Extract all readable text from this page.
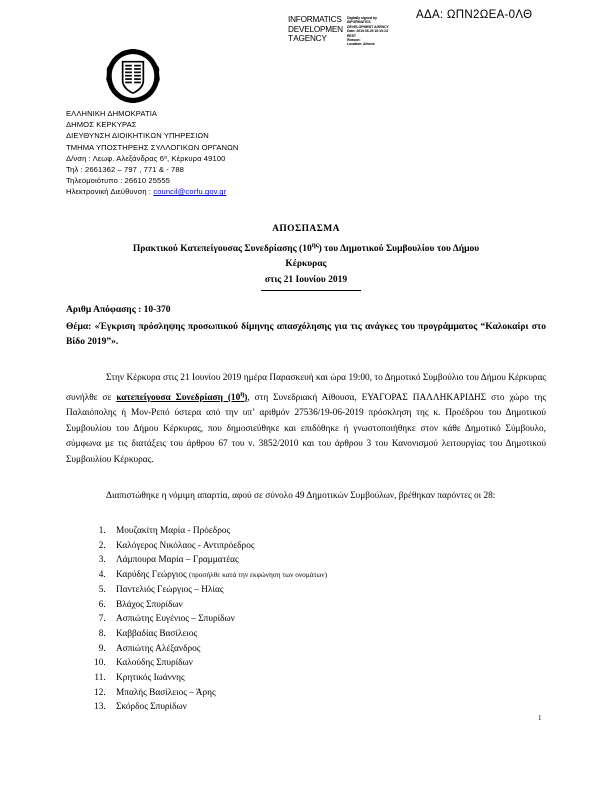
ΑΔΑ: ΩΠΝ2ΩΕΑ-0ΛΘ
INFORMATICS
DEVELOPMEN
T AGENCY
Digitally signed by
INFORMATICS
DEVELOPMENT AGENCY
Date: 2019.06.25 10:10:13
EEST
Reason:
Location: Athens
ΕΛΛΗΝΙΚΗ ΔΗΜΟΚΡΑΤΙΑ
ΔΗΜΟΣ ΚΕΡΚΥΡΑΣ
ΔΙΕΥΘΥΝΣΗ ΔΙΟΙΚΗΤΙΚΩΝ ΥΠΗΡΕΣΙΩΝ
ΤΜΗΜΑ ΥΠΟΣΤΗΡΕΗΣ ΣΥΛΛΟΓΙΚΩΝ ΟΡΓΑΝΩΝ
Δ/νση : Λεωφ. Αλεξάνδρας 6ᵒ, Κέρκυρα 49100
Τηλ : 2661362 – 797 , 771 & - 788
Τηλεομοιότυπο : 26610 25555
Ηλεκτρονική Διεύθυνση : council@corfu.gov.gr
ΑΠΟΣΠΑΣΜΑ
Πρακτικού Κατεπείγουσας Συνεδρίασης $(10^{\eta\varsigma})$ του Δημοτικού Συμβουλίου του Δήμου
Κέρκυρας
στις 21 Ιουνίου 2019
Αριθμ Απόφασης : 10-370
Θέμα: «Έγκριση πρόσληψης προσωπικού δίμηνης απασχόλησης για τις ανάγκες του προγράμματος “Καλοκαίρι στο Βίδο 2019”».
Στην Κέρκυρα στις 21 Ιουνίου 2019 ημέρα Παρασκευή και ώρα 19:00, το Δημοτικό Συμβούλιο του Δήμου Κέρκυρας συνήλθε σε κατεπείγουσα Συνεδρίαση $(10^\eta)$, στη Συνεδριακή Αίθουσα, ΕΥΑΓΟΡΑΣ ΠΑΛΛΗΚΑΡΙΔΗΣ στο χώρο της Παλαιόπολης ή Μον-Ρεπό ύστερα από την υπ’ αριθμόν 27536/19-06-2019 πρόσκληση της κ. Προέδρου του Δημοτικού Συμβουλίου του Δήμου Κέρκυρας, που δημοσιεύθηκε και επιδόθηκε ή γνωστοποιήθηκε στον κάθε Δημοτικό Σύμβουλο, σύμφωνα με τις διατάξεις του άρθρου 67 του ν. 3852/2010 και του άρθρου 3 του Κανονισμού λειτουργίας του Δημοτικού Συμβουλίου Κέρκυρας.
Διαπιστώθηκε η νόμιμη απαρτία, αφού σε σύνολο 49 Δημοτικών Συμβούλων, βρέθηκαν παρόντες οι 28:
1. Μουζακίτη Μαρία - Πρόεδρος
2. Καλόγερος Νικόλαος - Αντιπρόεδρος
3. Λάμπουρα Μαρία – Γραμματέας
4. Καρύδης Γεώργιος (προσήλθε κατά την εκφώνηση των ονομάτων)
5. Παντελιός Γεώργιος – Ηλίας
6. Βλάχος Σπυρίδων
7. Ασπιώτης Ευγένιος – Σπυρίδων
8. Καββαδίας Βασίλειος
9. Ασπιώτης Αλέξανδρος
10. Καλούδης Σπυρίδων
11. Κρητικός Ιωάννης
12. Μπαλής Βασίλειος – Άρης
13. Σκόρδος Σπυρίδων
1
